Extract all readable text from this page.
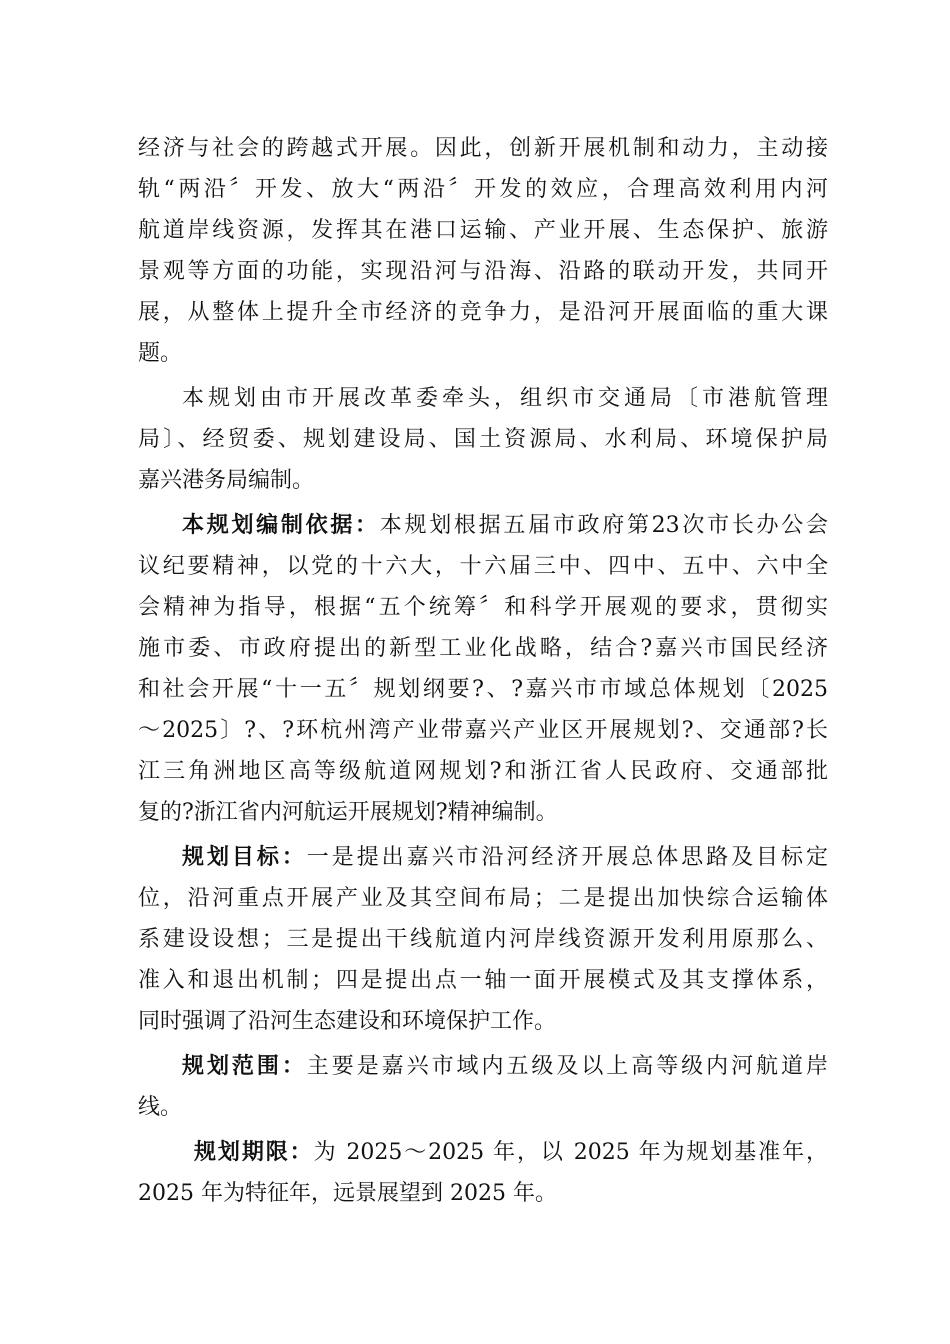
经济与社会的跨越式开展。因此，创新开展机制和动力，主动接
轨“两沿〞开发、放大“两沿〞开发的效应，合理高效利用内河
航道岸线资源，发挥其在港口运输、产业开展、生态保护、旅游
景观等方面的功能，实现沿河与沿海、沿路的联动开发，共同开
展，从整体上提升全市经济的竞争力，是沿河开展面临的重大课
题。
本规划由市开展改革委牵头，组织市交通局〔市港航管理
局〕、经贸委、规划建设局、国土资源局、水利局、环境保护局
嘉兴港务局编制。
本规划编制依据：本规划根据五届市政府第23次市长办公会
议纪要精神，以党的十六大，十六届三中、四中、五中、六中全
会精神为指导，根据“五个统筹〞和科学开展观的要求，贯彻实
施市委、市政府提出的新型工业化战略，结合?嘉兴市国民经济
和社会开展“十一五〞规划纲要?、?嘉兴市市域总体规划〔2025
～2025〕?、?环杭州湾产业带嘉兴产业区开展规划?、交通部?长
江三角洲地区高等级航道网规划?和浙江省人民政府、交通部批
复的?浙江省内河航运开展规划?精神编制。
规划目标：一是提出嘉兴市沿河经济开展总体思路及目标定
位，沿河重点开展产业及其空间布局；二是提出加快综合运输体
系建设设想；三是提出干线航道内河岸线资源开发利用原那么、
准入和退出机制；四是提出点一轴一面开展模式及其支撑体系，
同时强调了沿河生态建设和环境保护工作。
规划范围：主要是嘉兴市域内五级及以上高等级内河航道岸
线。
规划期限：为 2025～2025 年，以 2025 年为规划基准年，
2025 年为特征年，远景展望到 2025 年。
